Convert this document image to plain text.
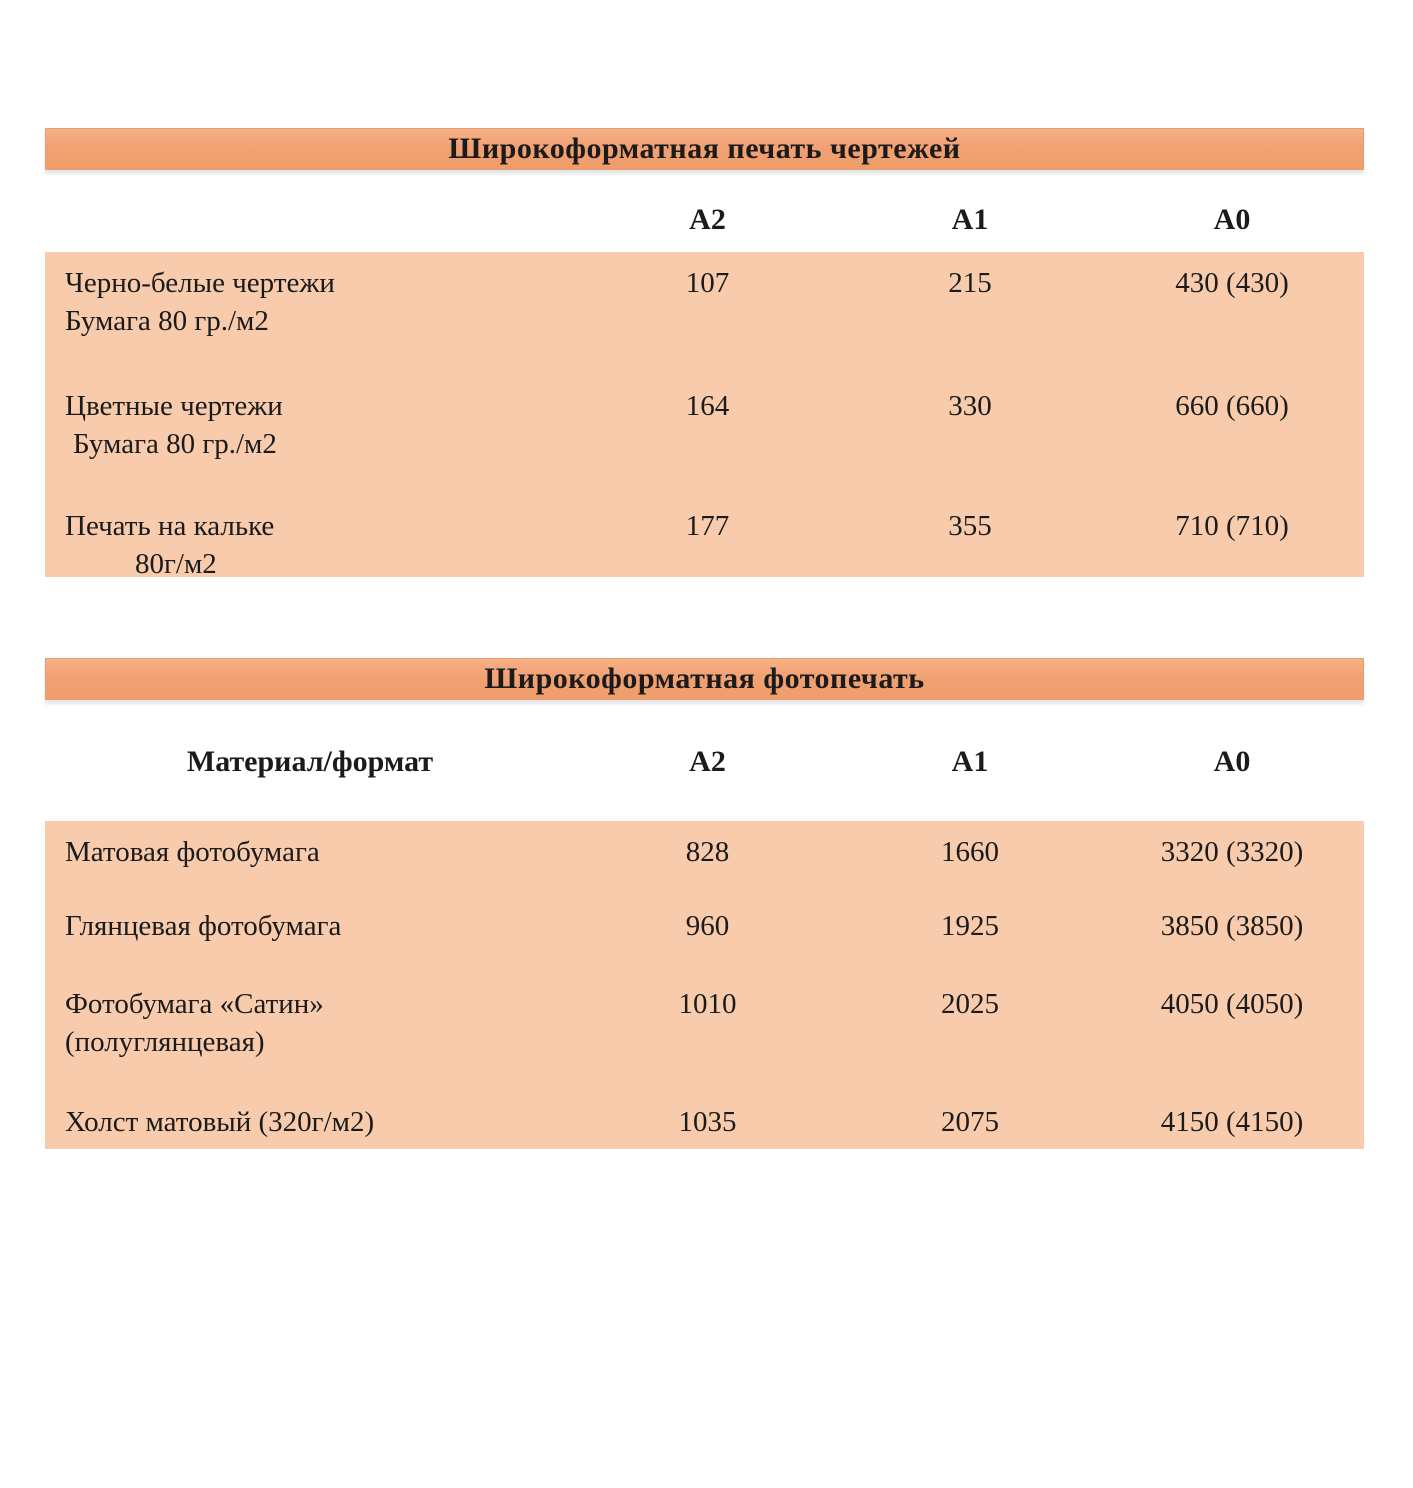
Широкоформатная печать чертежей
А2	А1	А0
Черно-белые чертежи
Бумага 80 гр./м2
107	215	430 (430)
Цветные чертежи
Бумага 80 гр./м2
164	330	660 (660)
Печать на кальке
80г/м2
177	355	710 (710)
Широкоформатная фотопечать
Материал/формат	А2	А1	А0
Матовая фотобумага	828	1660	3320 (3320)
Глянцевая фотобумага	960	1925	3850 (3850)
Фотобумага «Сатин»
(полуглянцевая)
1010	2025	4050 (4050)
Холст матовый (320г/м2)	1035	2075	4150 (4150)
